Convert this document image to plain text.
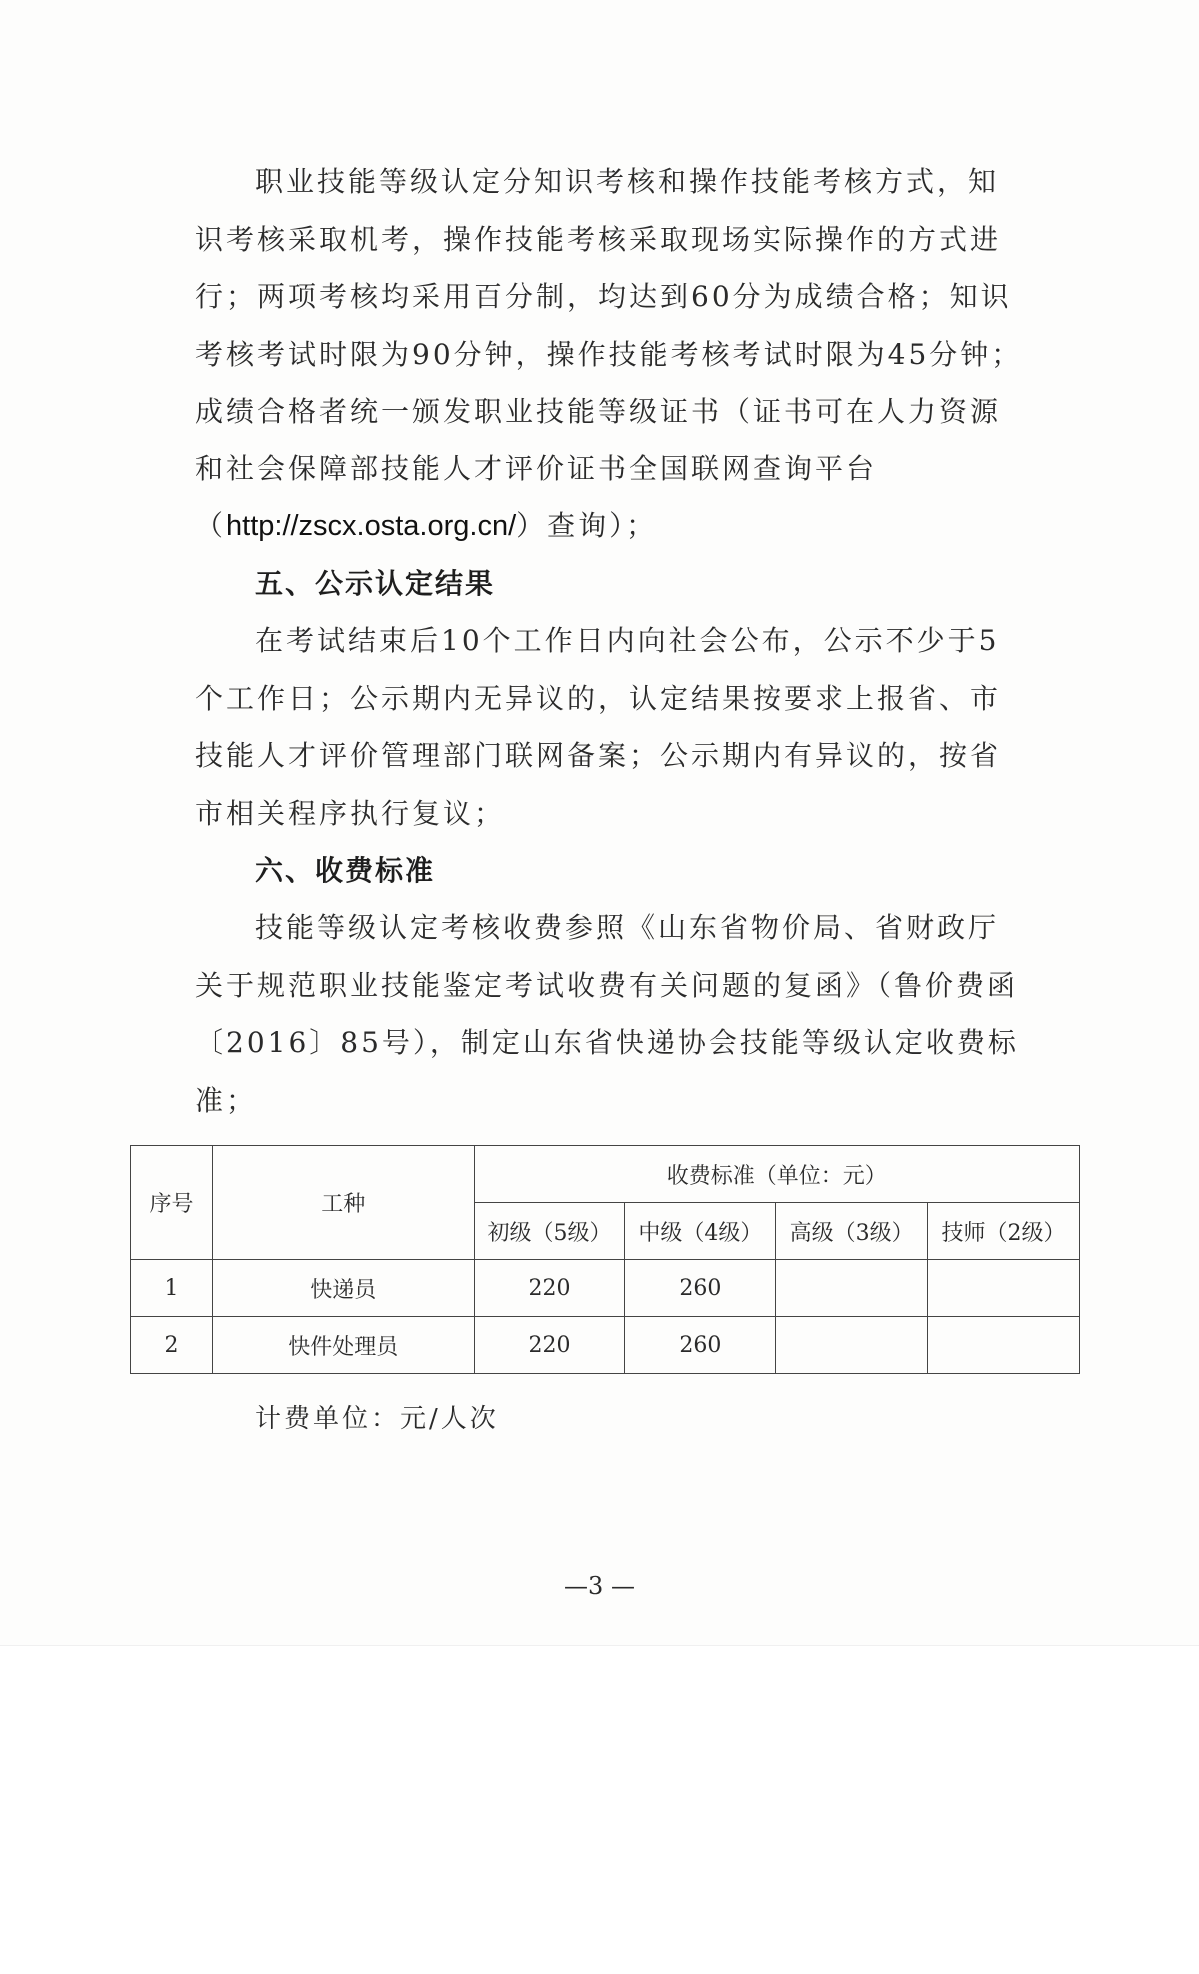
职业技能等级认定分知识考核和操作技能考核方式，知

识考核采取机考，操作技能考核采取现场实际操作的方式进

行；两项考核均采用百分制，均达到60分为成绩合格；知识

考核考试时限为90分钟，操作技能考核考试时限为45分钟；

成绩合格者统一颁发职业技能等级证书（证书可在人力资源

和社会保障部技能人才评价证书全国联网查询平台

（http://zscx.osta.org.cn/）查询）；

五、公示认定结果

在考试结束后10个工作日内向社会公布，公示不少于5

个工作日；公示期内无异议的，认定结果按要求上报省、市

技能人才评价管理部门联网备案；公示期内有异议的，按省

市相关程序执行复议；

六、收费标准

技能等级认定考核收费参照《山东省物价局、省财政厅

关于规范职业技能鉴定考试收费有关问题的复函》（鲁价费函

〔2016〕85号），制定山东省快递协会技能等级认定收费标

准；

序号	工种	收费标准（单位：元）			
		初级（5级）	中级（4级）	高级（3级）	技师（2级）
1	快递员	220	260		
2	快件处理员	220	260		

计费单位：元/人次

—3 —
